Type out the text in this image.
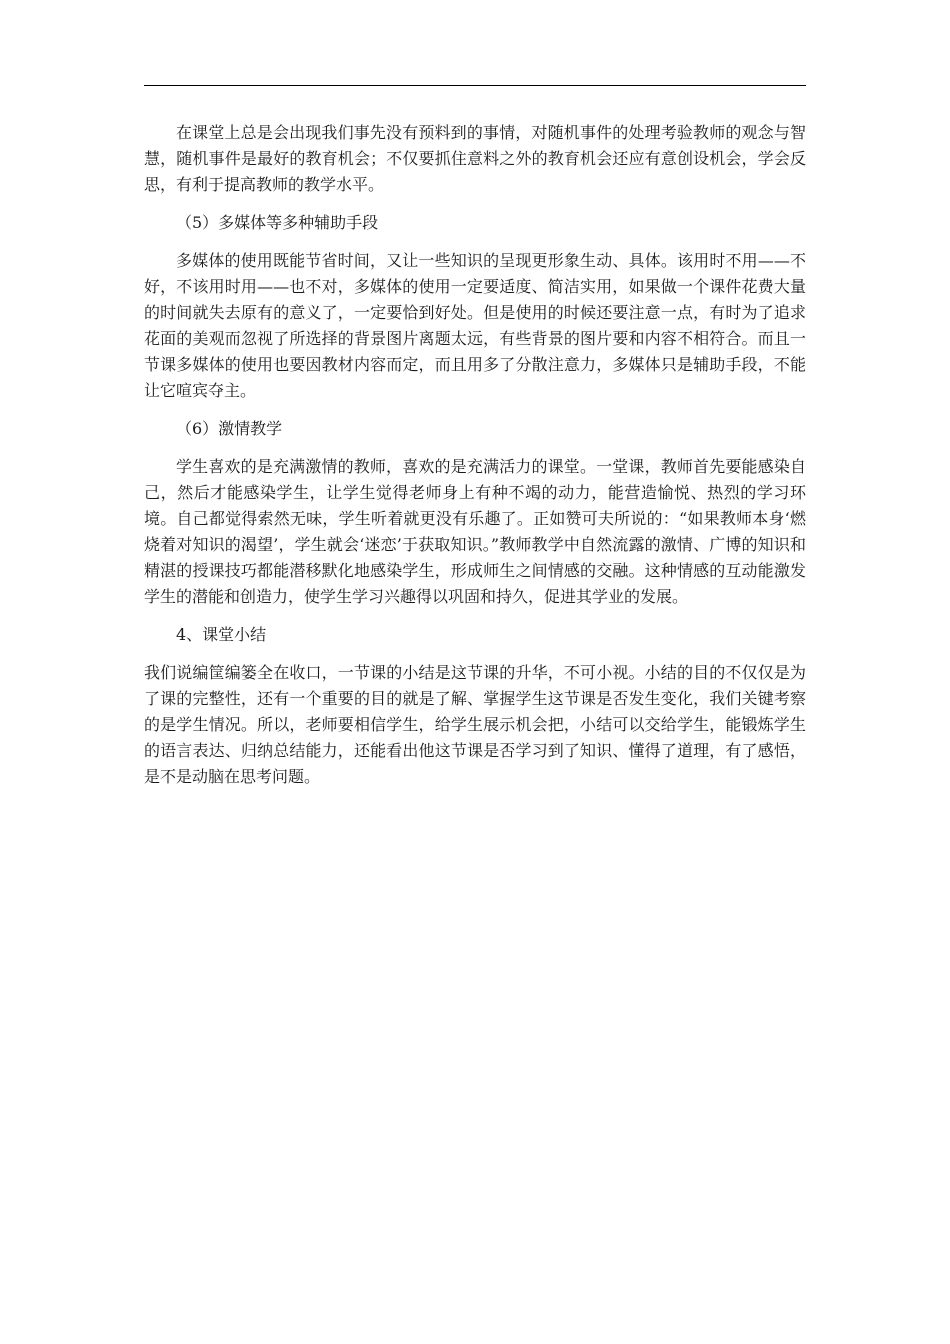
在课堂上总是会出现我们事先没有预料到的事情，对随机事件的处理考验教师的观念与智慧，随机事件是最好的教育机会；不仅要抓住意料之外的教育机会还应有意创设机会，学会反思，有利于提高教师的教学水平。

（5）多媒体等多种辅助手段

多媒体的使用既能节省时间，又让一些知识的呈现更形象生动、具体。该用时不用——不好，不该用时用——也不对，多媒体的使用一定要适度、简洁实用，如果做一个课件花费大量的时间就失去原有的意义了，一定要恰到好处。但是使用的时候还要注意一点，有时为了追求花面的美观而忽视了所选择的背景图片离题太远，有些背景的图片要和内容不相符合。而且一节课多媒体的使用也要因教材内容而定，而且用多了分散注意力，多媒体只是辅助手段，不能让它喧宾夺主。

（6）激情教学

学生喜欢的是充满激情的教师，喜欢的是充满活力的课堂。一堂课，教师首先要能感染自己，然后才能感染学生，让学生觉得老师身上有种不竭的动力，能营造愉悦、热烈的学习环境。自己都觉得索然无味，学生听着就更没有乐趣了。正如赞可夫所说的：“如果教师本身‘燃烧着对知识的渴望’，学生就会‘迷恋’于获取知识。”教师教学中自然流露的激情、广博的知识和精湛的授课技巧都能潜移默化地感染学生，形成师生之间情感的交融。这种情感的互动能激发学生的潜能和创造力，使学生学习兴趣得以巩固和持久，促进其学业的发展。

4、课堂小结

我们说编筐编篓全在收口，一节课的小结是这节课的升华，不可小视。小结的目的不仅仅是为了课的完整性，还有一个重要的目的就是了解、掌握学生这节课是否发生变化，我们关键考察的是学生情况。所以，老师要相信学生，给学生展示机会把，小结可以交给学生，能锻炼学生的语言表达、归纳总结能力，还能看出他这节课是否学习到了知识、懂得了道理，有了感悟，是不是动脑在思考问题。
